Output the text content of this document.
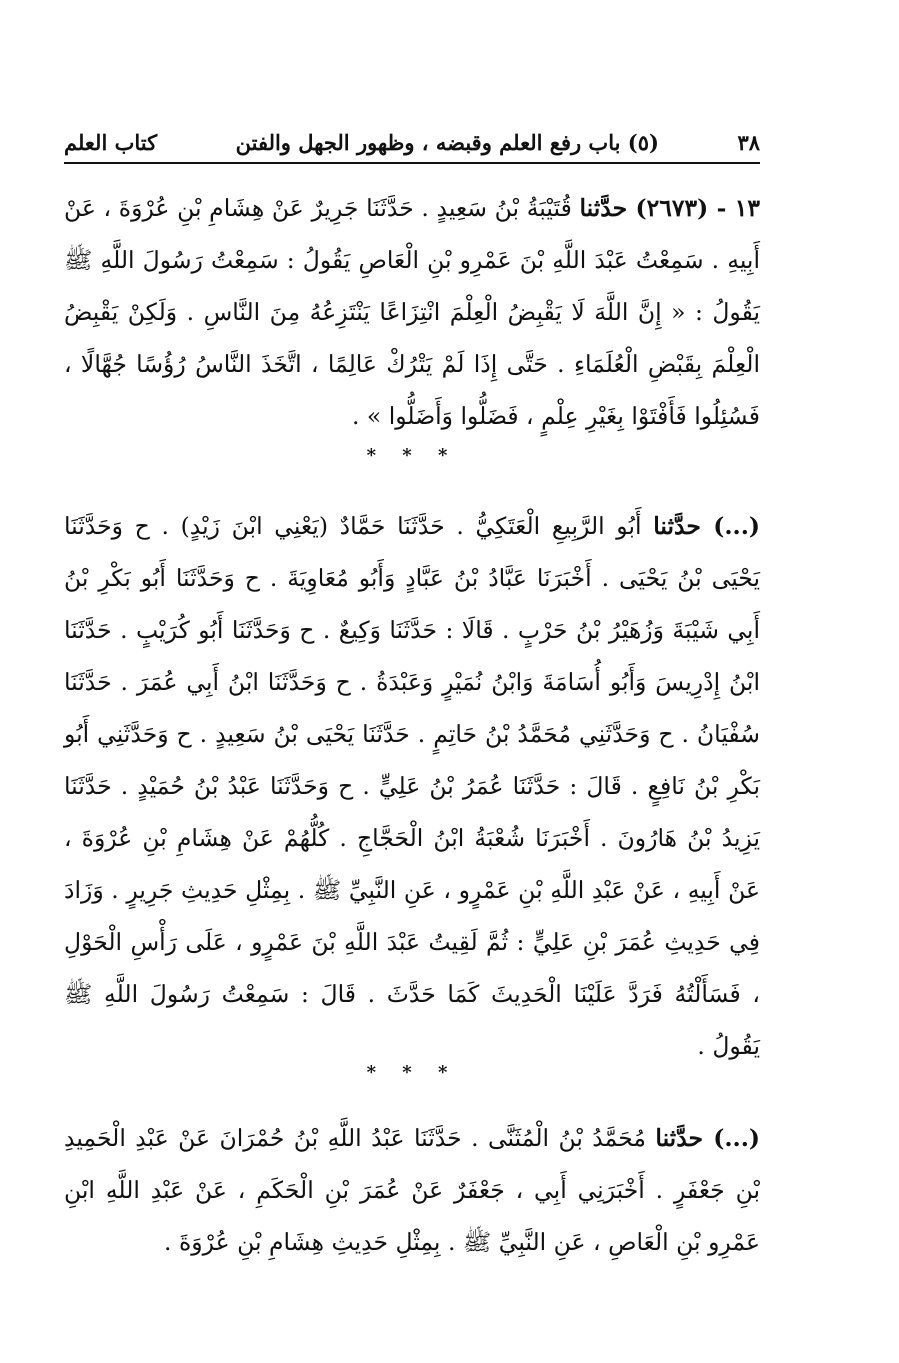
٣٨
(٥) باب رفع العلم وقبضه ، وظهور الجهل والفتن
كتاب العلم

١٣ - (٢٦٧٣) حدَّثنا قُتَيْبَةُ بْنُ سَعِيدٍ . حَدَّثَنَا جَرِيرٌ عَنْ هِشَامِ بْنِ عُرْوَةَ ، عَنْ أَبِيهِ . سَمِعْتُ عَبْدَ اللَّهِ بْنَ عَمْرِو بْنِ الْعَاصِ يَقُولُ : سَمِعْتُ رَسُولَ اللَّهِ ﷺ يَقُولُ : « إِنَّ اللَّهَ لَا يَقْبِضُ الْعِلْمَ انْتِزَاعًا يَنْتَزِعُهُ مِنَ النَّاسِ . وَلَكِنْ يَقْبِضُ الْعِلْمَ بِقَبْضِ الْعُلَمَاءِ . حَتَّى إِذَا لَمْ يَتْرُكْ عَالِمًا ، اتَّخَذَ النَّاسُ رُؤُسًا جُهَّالًا ، فَسُئِلُوا فَأَفْتَوْا بِغَيْرِ عِلْمٍ ، فَضَلُّوا وَأَضَلُّوا » .

* * *

(...) حدَّثنا أَبُو الرَّبِيعِ الْعَتَكِيُّ . حَدَّثَنَا حَمَّادٌ (يَعْنِي ابْنَ زَيْدٍ) . ح وَحَدَّثَنَا يَحْيَى بْنُ يَحْيَى . أَخْبَرَنَا عَبَّادُ بْنُ عَبَّادٍ وَأَبُو مُعَاوِيَةَ . ح وَحَدَّثَنَا أَبُو بَكْرِ بْنُ أَبِي شَيْبَةَ وَزُهَيْرُ بْنُ حَرْبٍ . قَالَا : حَدَّثَنَا وَكِيعٌ . ح وَحَدَّثَنَا أَبُو كُرَيْبٍ . حَدَّثَنَا ابْنُ إِدْرِيسَ وَأَبُو أُسَامَةَ وَابْنُ نُمَيْرٍ وَعَبْدَةُ . ح وَحَدَّثَنَا ابْنُ أَبِي عُمَرَ . حَدَّثَنَا سُفْيَانُ . ح وَحَدَّثَنِي مُحَمَّدُ بْنُ حَاتِمٍ . حَدَّثَنَا يَحْيَى بْنُ سَعِيدٍ . ح وَحَدَّثَنِي أَبُو بَكْرِ بْنُ نَافِعٍ . قَالَ : حَدَّثَنَا عُمَرُ بْنُ عَلِيٍّ . ح وَحَدَّثَنَا عَبْدُ بْنُ حُمَيْدٍ . حَدَّثَنَا يَزِيدُ بْنُ هَارُونَ . أَخْبَرَنَا شُعْبَةُ ابْنُ الْحَجَّاجِ . كُلُّهُمْ عَنْ هِشَامِ بْنِ عُرْوَةَ ، عَنْ أَبِيهِ ، عَنْ عَبْدِ اللَّهِ بْنِ عَمْرٍو ، عَنِ النَّبِيِّ ﷺ . بِمِثْلِ حَدِيثِ جَرِيرٍ . وَزَادَ فِي حَدِيثِ عُمَرَ بْنِ عَلِيٍّ : ثُمَّ لَقِيتُ عَبْدَ اللَّهِ بْنَ عَمْرٍو ، عَلَى رَأْسِ الْحَوْلِ ، فَسَأَلْتُهُ فَرَدَّ عَلَيْنَا الْحَدِيثَ كَمَا حَدَّثَ . قَالَ : سَمِعْتُ رَسُولَ اللَّهِ ﷺ يَقُولُ .

* * *

(...) حدَّثنا مُحَمَّدُ بْنُ الْمُثَنَّى . حَدَّثَنَا عَبْدُ اللَّهِ بْنُ حُمْرَانَ عَنْ عَبْدِ الْحَمِيدِ بْنِ جَعْفَرٍ . أَخْبَرَنِي أَبِي ، جَعْفَرٌ عَنْ عُمَرَ بْنِ الْحَكَمِ ، عَنْ عَبْدِ اللَّهِ ابْنِ عَمْرِو بْنِ الْعَاصِ ، عَنِ النَّبِيِّ ﷺ . بِمِثْلِ حَدِيثِ هِشَامِ بْنِ عُرْوَةَ .
